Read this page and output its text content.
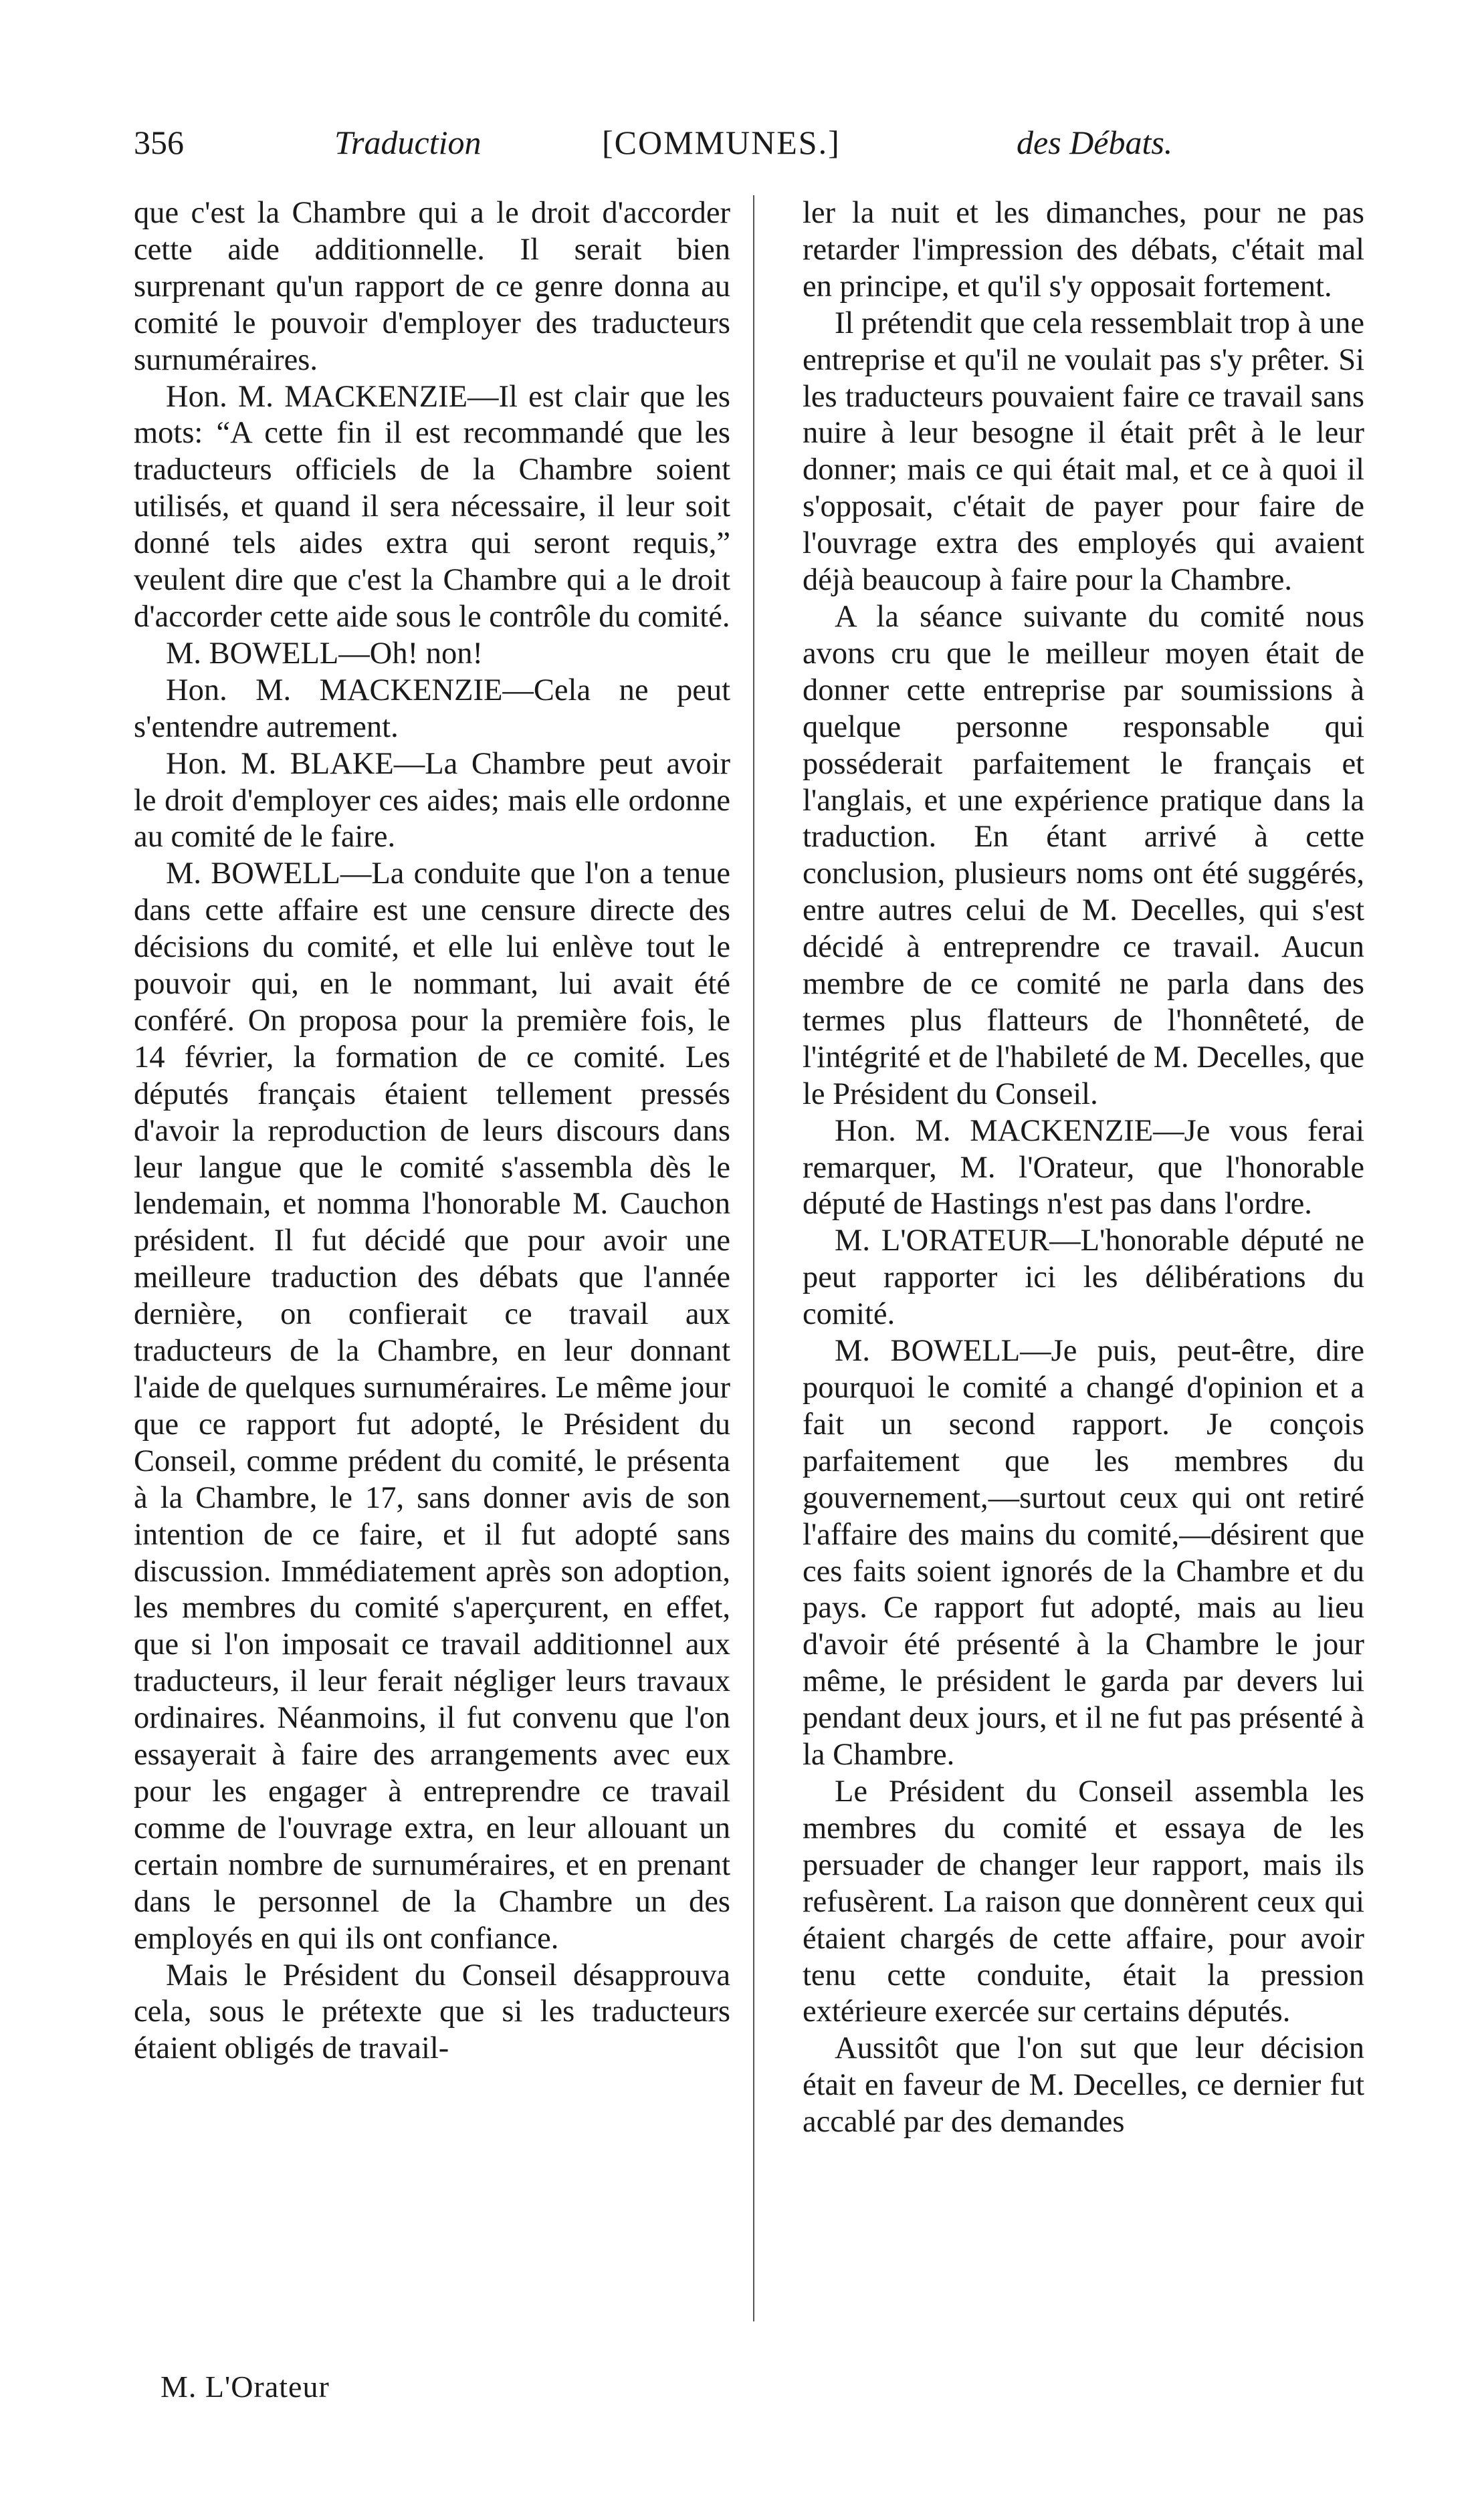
356	Traduction	[COMMUNES.]	des Débats.

que c'est la Chambre qui a le droit d'accorder cette aide additionnelle. Il serait bien surprenant qu'un rapport de ce genre donna au comité le pouvoir d'employer des traducteurs surnuméraires.

Hon. M. MACKENZIE—Il est clair que les mots: “A cette fin il est recommandé que les traducteurs officiels de la Chambre soient utilisés, et quand il sera nécessaire, il leur soit donné tels aides extra qui seront requis,” veulent dire que c'est la Chambre qui a le droit d'accorder cette aide sous le contrôle du comité.

M. BOWELL—Oh! non!

Hon. M. MACKENZIE—Cela ne peut s'entendre autrement.

Hon. M. BLAKE—La Chambre peut avoir le droit d'employer ces aides; mais elle ordonne au comité de le faire.

M. BOWELL—La conduite que l'on a tenue dans cette affaire est une censure directe des décisions du comité, et elle lui enlève tout le pouvoir qui, en le nommant, lui avait été conféré. On proposa pour la première fois, le 14 février, la formation de ce comité. Les députés français étaient tellement pressés d'avoir la reproduction de leurs discours dans leur langue que le comité s'assembla dès le lendemain, et nomma l'honorable M. Cauchon président. Il fut décidé que pour avoir une meilleure traduction des débats que l'année dernière, on confierait ce travail aux traducteurs de la Chambre, en leur donnant l'aide de quelques surnuméraires. Le même jour que ce rapport fut adopté, le Président du Conseil, comme prédent du comité, le présenta à la Chambre, le 17, sans donner avis de son intention de ce faire, et il fut adopté sans discussion. Immédiatement après son adoption, les membres du comité s'aperçurent, en effet, que si l'on imposait ce travail additionnel aux traducteurs, il leur ferait négliger leurs travaux ordinaires. Néanmoins, il fut convenu que l'on essayerait à faire des arrangements avec eux pour les engager à entreprendre ce travail comme de l'ouvrage extra, en leur allouant un certain nombre de surnuméraires, et en prenant dans le personnel de la Chambre un des employés en qui ils ont confiance.

Mais le Président du Conseil désapprouva cela, sous le prétexte que si les traducteurs étaient obligés de travail-

ler la nuit et les dimanches, pour ne pas retarder l'impression des débats, c'était mal en principe, et qu'il s'y opposait fortement.

Il prétendit que cela ressemblait trop à une entreprise et qu'il ne voulait pas s'y prêter. Si les traducteurs pouvaient faire ce travail sans nuire à leur besogne il était prêt à le leur donner; mais ce qui était mal, et ce à quoi il s'opposait, c'était de payer pour faire de l'ouvrage extra des employés qui avaient déjà beaucoup à faire pour la Chambre.

A la séance suivante du comité nous avons cru que le meilleur moyen était de donner cette entreprise par soumissions à quelque personne responsable qui posséderait parfaitement le français et l'anglais, et une expérience pratique dans la traduction. En étant arrivé à cette conclusion, plusieurs noms ont été suggérés, entre autres celui de M. Decelles, qui s'est décidé à entreprendre ce travail. Aucun membre de ce comité ne parla dans des termes plus flatteurs de l'honnêteté, de l'intégrité et de l'habileté de M. Decelles, que le Président du Conseil.

Hon. M. MACKENZIE—Je vous ferai remarquer, M. l'Orateur, que l'honorable député de Hastings n'est pas dans l'ordre.

M. L'ORATEUR—L'honorable député ne peut rapporter ici les délibérations du comité.

M. BOWELL—Je puis, peut-être, dire pourquoi le comité a changé d'opinion et a fait un second rapport. Je conçois parfaitement que les membres du gouvernement,—surtout ceux qui ont retiré l'affaire des mains du comité,—désirent que ces faits soient ignorés de la Chambre et du pays. Ce rapport fut adopté, mais au lieu d'avoir été présenté à la Chambre le jour même, le président le garda par devers lui pendant deux jours, et il ne fut pas présenté à la Chambre.

Le Président du Conseil assembla les membres du comité et essaya de les persuader de changer leur rapport, mais ils refusèrent. La raison que donnèrent ceux qui étaient chargés de cette affaire, pour avoir tenu cette conduite, était la pression extérieure exercée sur certains députés.

Aussitôt que l'on sut que leur décision était en faveur de M. Decelles, ce dernier fut accablé par des demandes

M. L'Orateur
